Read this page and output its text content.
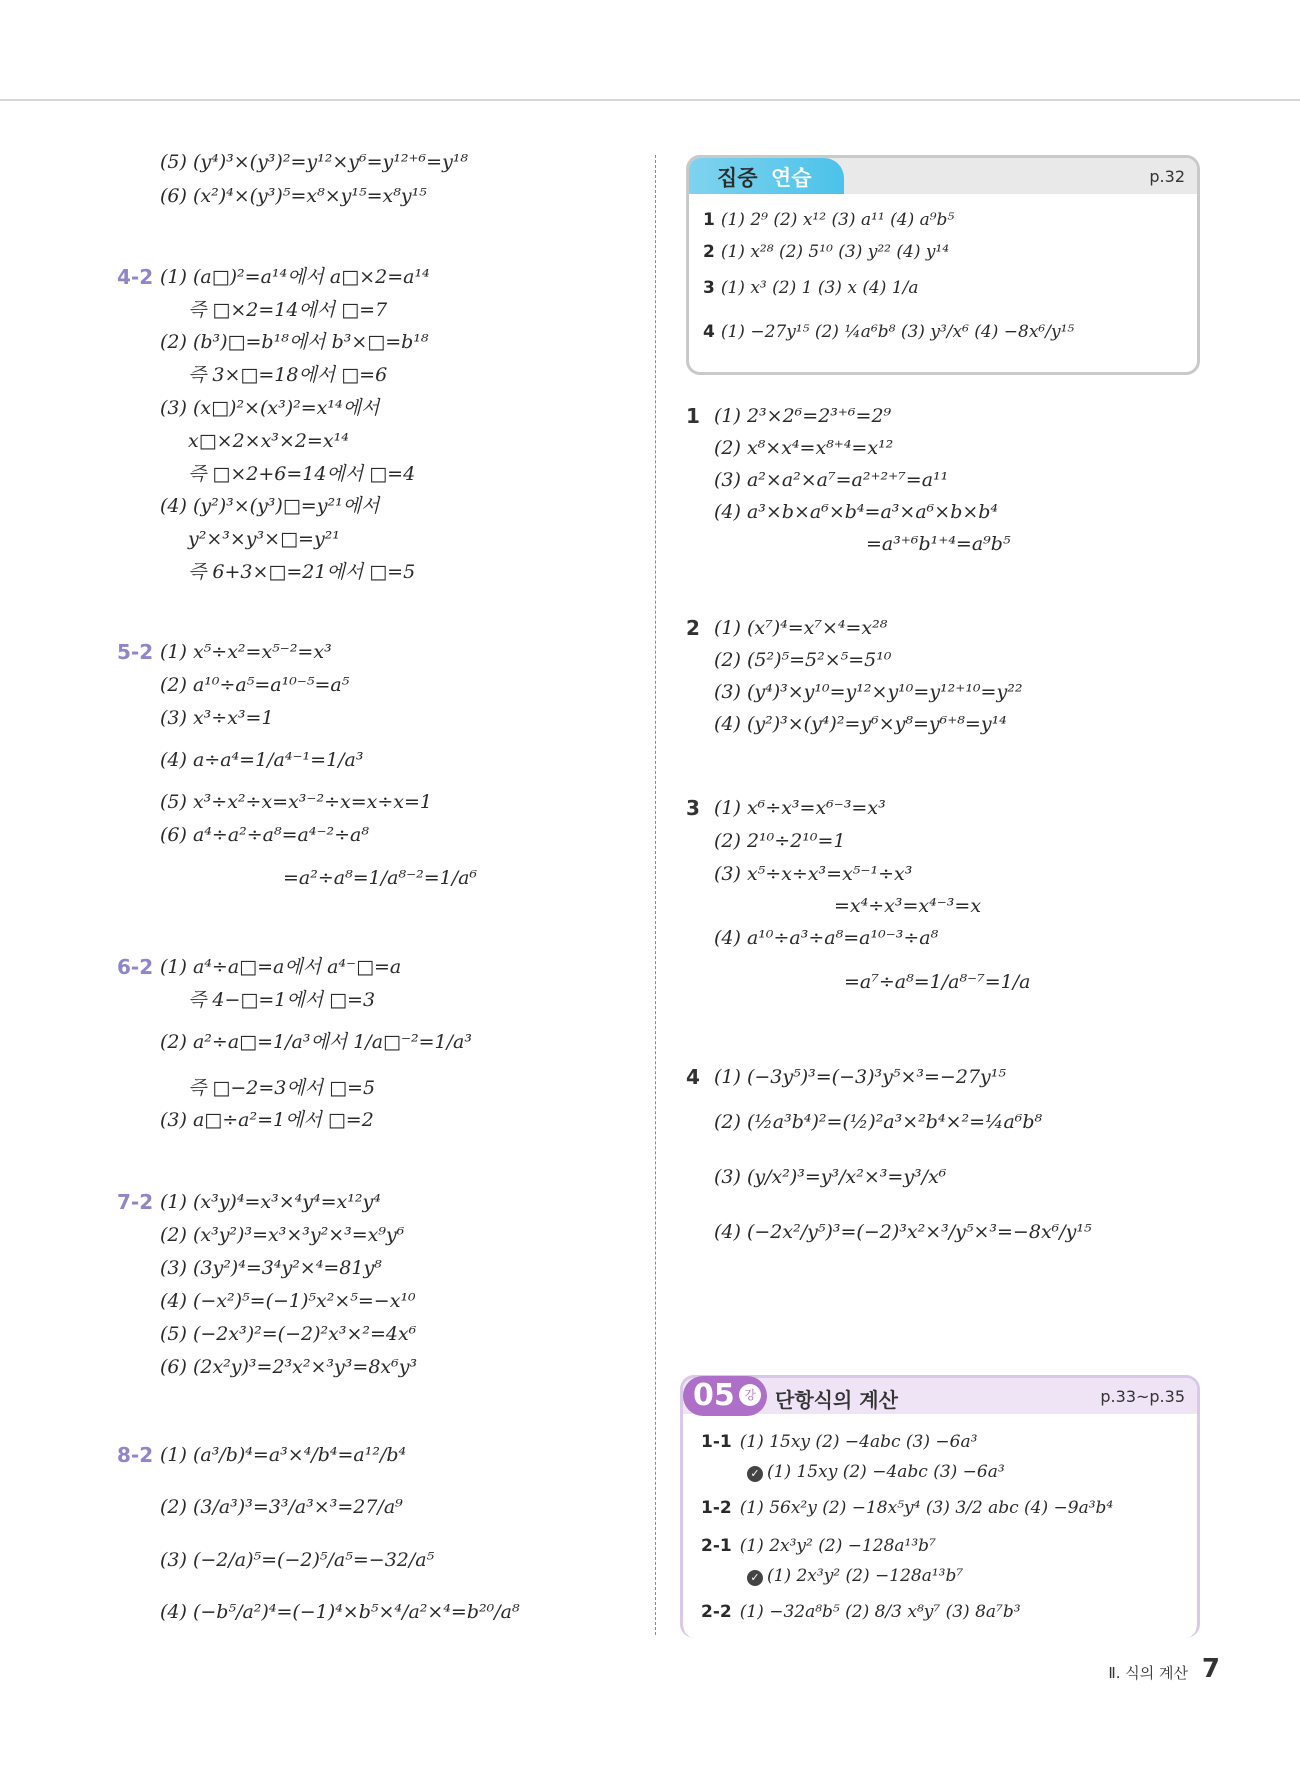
(5) (y⁴)³×(y³)²=y¹²×y⁶=y¹²⁺⁶=y¹⁸
(6) (x²)⁴×(y³)⁵=x⁸×y¹⁵=x⁸y¹⁵
4-2 (1) (a□)²=a¹⁴에서 a□×2=a¹⁴
즉 □×2=14에서 □=7
(2) (b³)□=b¹⁸에서 b³×□=b¹⁸
즉 3×□=18에서 □=6
(3) (x□)²×(x³)²=x¹⁴에서
x□×2×x³×2=x¹⁴
즉 □×2+6=14에서 □=4
(4) (y²)³×(y³)□=y²¹에서
y²×³×y³×□=y²¹
즉 6+3×□=21에서 □=5
5-2 (1) x⁵÷x²=x⁵⁻²=x³
(2) a¹⁰÷a⁵=a¹⁰⁻⁵=a⁵
(3) x³÷x³=1
(4) a÷a⁴=1/a⁴⁻¹=1/a³
(5) x³÷x²÷x=x³⁻²÷x=x÷x=1
(6) a⁴÷a²÷a⁸=a⁴⁻²÷a⁸
=a²÷a⁸=1/a⁸⁻²=1/a⁶
6-2 (1) a⁴÷a□=a에서 a⁴⁻□=a
즉 4−□=1에서 □=3
(2) a²÷a□=1/a³에서 1/a□⁻²=1/a³
즉 □−2=3에서 □=5
(3) a□÷a²=1에서 □=2
7-2 (1) (x³y)⁴=x³×⁴y⁴=x¹²y⁴
(2) (x³y²)³=x³×³y²×³=x⁹y⁶
(3) (3y²)⁴=3⁴y²×⁴=81y⁸
(4) (−x²)⁵=(−1)⁵x²×⁵=−x¹⁰
(5) (−2x³)²=(−2)²x³×²=4x⁶
(6) (2x²y)³=2³x²×³y³=8x⁶y³
8-2 (1) (a³/b)⁴=a³×⁴/b⁴=a¹²/b⁴
(2) (3/a³)³=3³/a³×³=27/a⁹
(3) (−2/a)⁵=(−2)⁵/a⁵=−32/a⁵
(4) (−b⁵/a²)⁴=(−1)⁴×b⁵×⁴/a²×⁴=b²⁰/a⁸
집중 연습	p.32
1 (1) 2⁹ (2) x¹² (3) a¹¹ (4) a⁹b⁵
2 (1) x²⁸ (2) 5¹⁰ (3) y²² (4) y¹⁴
3 (1) x³ (2) 1 (3) x (4) 1/a
4 (1) −27y¹⁵ (2) ¼a⁶b⁸ (3) y³/x⁶ (4) −8x⁶/y¹⁵
1 (1) 2³×2⁶=2³⁺⁶=2⁹
(2) x⁸×x⁴=x⁸⁺⁴=x¹²
(3) a²×a²×a⁷=a²⁺²⁺⁷=a¹¹
(4) a³×b×a⁶×b⁴=a³×a⁶×b×b⁴
=a³⁺⁶b¹⁺⁴=a⁹b⁵
2 (1) (x⁷)⁴=x⁷×⁴=x²⁸
(2) (5²)⁵=5²×⁵=5¹⁰
(3) (y⁴)³×y¹⁰=y¹²×y¹⁰=y¹²⁺¹⁰=y²²
(4) (y²)³×(y⁴)²=y⁶×y⁸=y⁶⁺⁸=y¹⁴
3 (1) x⁶÷x³=x⁶⁻³=x³
(2) 2¹⁰÷2¹⁰=1
(3) x⁵÷x÷x³=x⁵⁻¹÷x³
=x⁴÷x³=x⁴⁻³=x
(4) a¹⁰÷a³÷a⁸=a¹⁰⁻³÷a⁸
=a⁷÷a⁸=1/a⁸⁻⁷=1/a
4 (1) (−3y⁵)³=(−3)³y⁵×³=−27y¹⁵
(2) (½a³b⁴)²=(½)²a³×²b⁴×²=¼a⁶b⁸
(3) (y/x²)³=y³/x²×³=y³/x⁶
(4) (−2x²/y⁵)³=(−2)³x²×³/y⁵×³=−8x⁶/y¹⁵
05 강 단항식의 계산	p.33~p.35
1-1 (1) 15xy (2) −4abc (3) −6a³
✓ (1) 15xy (2) −4abc (3) −6a³
1-2 (1) 56x²y (2) −18x⁵y⁴ (3) 3/2 abc (4) −9a³b⁴
2-1 (1) 2x³y² (2) −128a¹³b⁷
✓ (1) 2x³y² (2) −128a¹³b⁷
2-2 (1) −32a⁸b⁵ (2) 8/3 x⁸y⁷ (3) 8a⁷b³
Ⅱ. 식의 계산 7
